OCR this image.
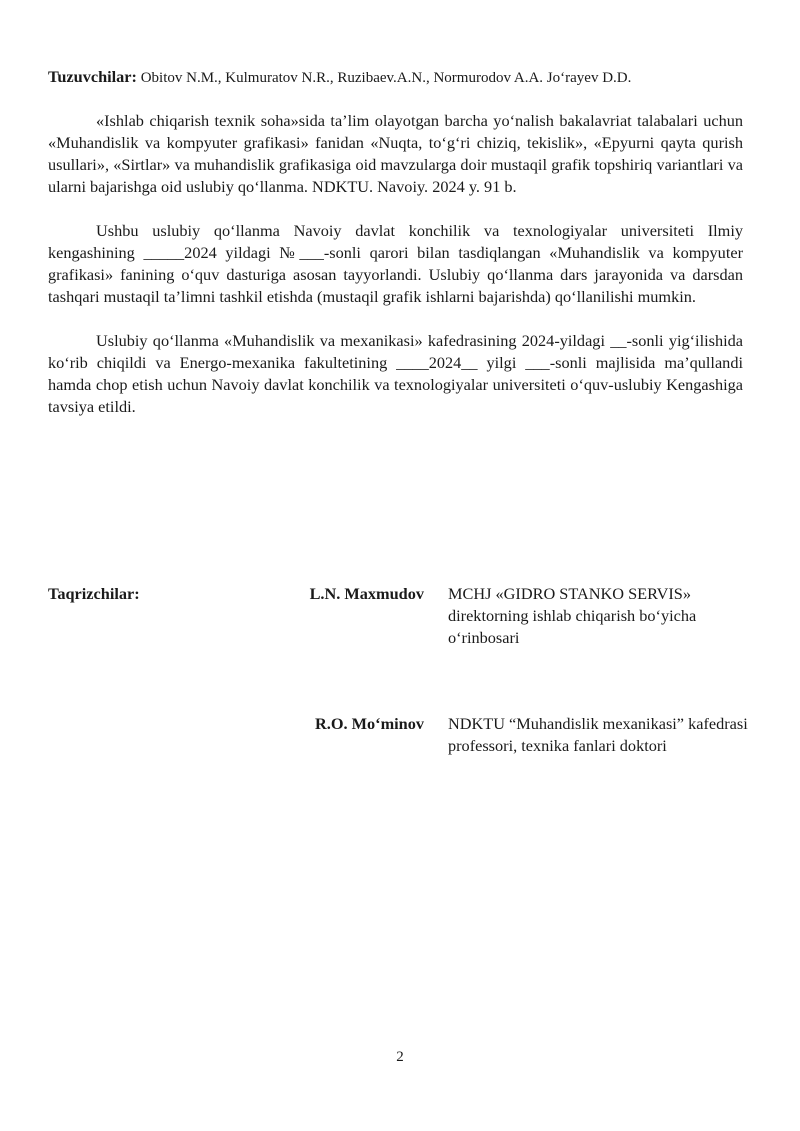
Tuzuvchilar: Obitov N.M., Kulmuratov N.R., Ruzibaev.A.N., Normurodov A.A. Joʻrayev D.D.

«Ishlab chiqarish texnik soha»sida taʼlim olayotgan barcha yoʻnalish bakalavriat talabalari uchun «Muhandislik va kompyuter grafikasi» fanidan «Nuqta, toʻgʻri chiziq, tekislik», «Epyurni qayta qurish usullari», «Sirtlar» va muhandislik grafikasiga oid mavzularga doir mustaqil grafik topshiriq variantlari va ularni bajarishga oid uslubiy qoʻllanma. NDKTU. Navoiy. 2024 y. 91 b.

Ushbu uslubiy qoʻllanma Navoiy davlat konchilik va texnologiyalar universiteti Ilmiy kengashining _____2024 yildagi №___-sonli qarori bilan tasdiqlangan «Muhandislik va kompyuter grafikasi» fanining oʻquv dasturiga asosan tayyorlandi. Uslubiy qoʻllanma dars jarayonida va darsdan tashqari mustaqil taʼlimni tashkil etishda (mustaqil grafik ishlarni bajarishda) qoʻllanilishi mumkin.

Uslubiy qoʻllanma «Muhandislik va mexanikasi» kafedrasining 2024-yildagi __-sonli yigʻilishida koʻrib chiqildi va Energo-mexanika fakultetining ____2024__ yilgi ___-sonli majlisida maʼqullandi hamda chop etish uchun Navoiy davlat konchilik va texnologiyalar universiteti oʻquv-uslubiy Kengashiga tavsiya etildi.

Taqrizchilar:	L.N. Maxmudov MCHJ «GIDRO STANKO SERVIS» direktorning ishlab chiqarish boʻyicha oʻrinbosari
R.O. Moʻminov NDKTU “Muhandislik mexanikasi” kafedrasi professori, texnika fanlari doktori
2
